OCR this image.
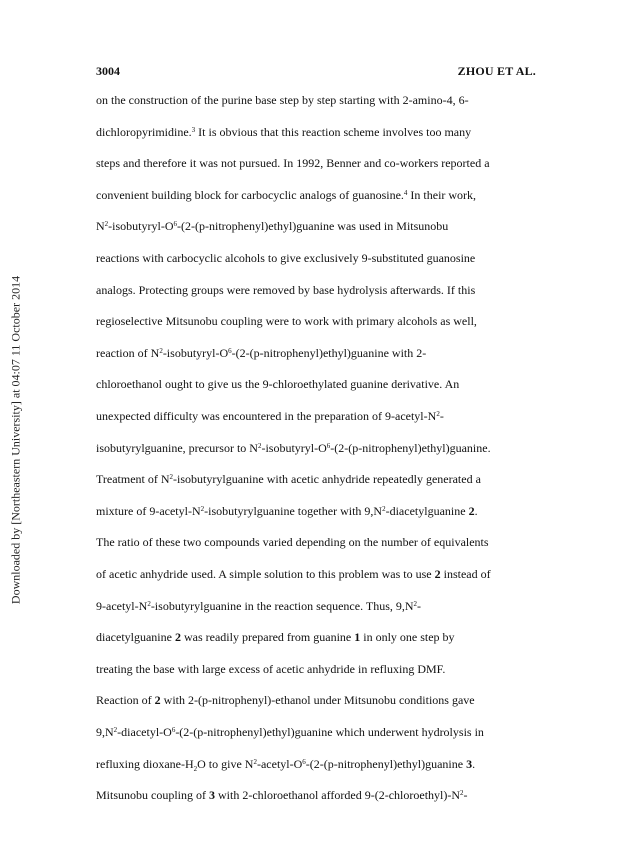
3004	ZHOU ET AL.
Downloaded by [Northeastern University] at 04:07 11 October 2014
on the construction of the purine base step by step starting with 2-amino-4, 6-
dichloropyrimidine.$^3$ It is obvious that this reaction scheme involves too many
steps and therefore it was not pursued. In 1992, Benner and co-workers reported a
convenient building block for carbocyclic analogs of guanosine.$^4$ In their work,
$N^2-isobutyryl-O^6-(2-(p-nitrophenyl)ethyl)guanine$ was used in Mitsunobu
reactions with carbocyclic alcohols to give exclusively 9-substituted guanosine
analogs. Protecting groups were removed by base hydrolysis afterwards. If this
regioselective Mitsunobu coupling were to work with primary alcohols as well,
reaction of $N^2-isobutyryl-O^6-(2-(p-nitrophenyl)ethyl)guanine$ with 2-
chloroethanol ought to give us the 9-chloroethylated guanine derivative. An
unexpected difficulty was encountered in the preparation of $9-acetyl-N^2-$
isobutyrylguanine, precursor to $N^2-isobutyryl-O^6-(2-(p-nitrophenyl)ethyl)guanine$.
Treatment of $N^2$-isobutyrylguanine with acetic anhydride repeatedly generated a
mixture of $9-acetyl-N^2$-isobutyrylguanine together with $9,N^2$-diacetylguanine 2.
The ratio of these two compounds varied depending on the number of equivalents
of acetic anhydride used. A simple solution to this problem was to use 2 instead of
$9-acetyl-N^2$-isobutyrylguanine in the reaction sequence. Thus, $9,N^2-$
diacetylguanine 2 was readily prepared from guanine 1 in only one step by
treating the base with large excess of acetic anhydride in refluxing DMF.
Reaction of 2 with 2-(p-nitrophenyl)-ethanol under Mitsunobu conditions gave
$9,N^2-diacetyl-O^6-(2-(p-nitrophenyl)ethyl)guanine$ which underwent hydrolysis in
refluxing dioxane-$H_2O$ to give $N^2-acetyl-O^6-(2-(p-nitrophenyl)ethyl)guanine$ 3.
Mitsunobu coupling of 3 with 2-chloroethanol afforded $9-(2-chloroethyl)-N^2-$
